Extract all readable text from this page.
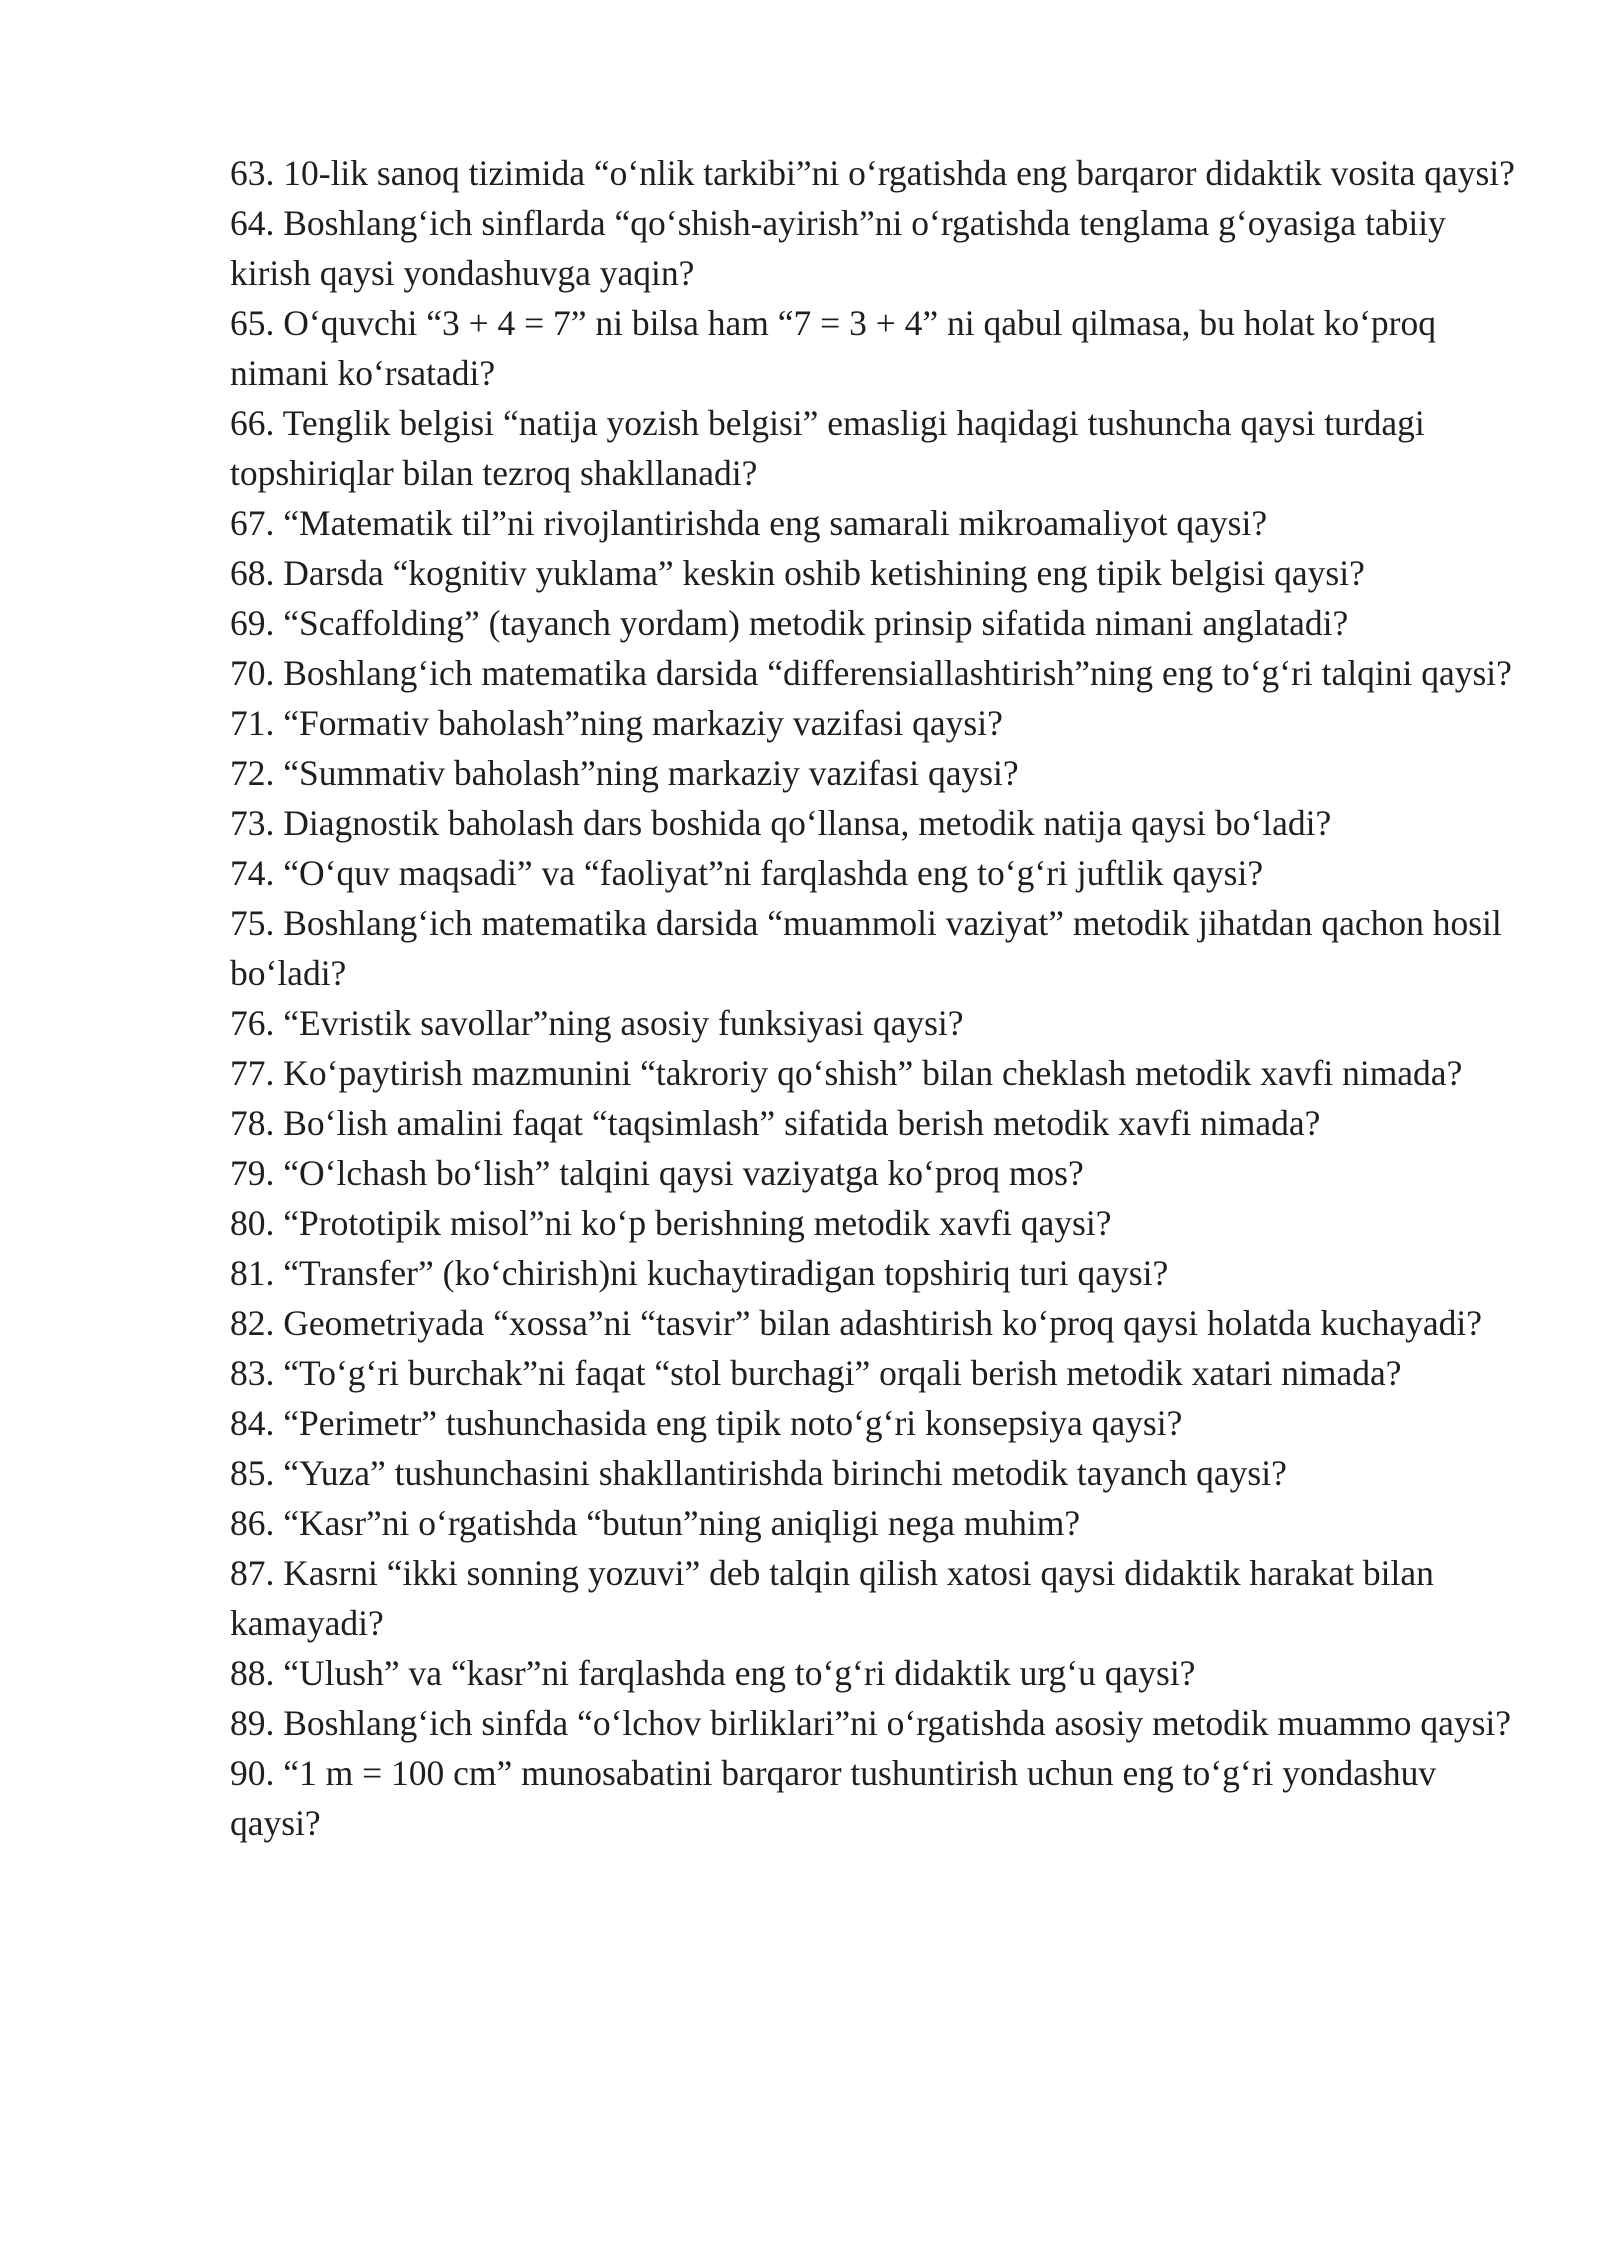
63. 10-lik sanoq tizimida “o‘nlik tarkibi”ni o‘rgatishda eng barqaror didaktik vosita qaysi?
64. Boshlang‘ich sinflarda “qo‘shish-ayirish”ni o‘rgatishda tenglama g‘oyasiga tabiiy kirish qaysi yondashuvga yaqin?
65. O‘quvchi “3 + 4 = 7” ni bilsa ham “7 = 3 + 4” ni qabul qilmasa, bu holat ko‘proq nimani ko‘rsatadi?
66. Tenglik belgisi “natija yozish belgisi” emasligi haqidagi tushuncha qaysi turdagi topshiriqlar bilan tezroq shakllanadi?
67. “Matematik til”ni rivojlantirishda eng samarali mikroamaliyot qaysi?
68. Darsda “kognitiv yuklama” keskin oshib ketishining eng tipik belgisi qaysi?
69. “Scaffolding” (tayanch yordam) metodik prinsip sifatida nimani anglatadi?
70. Boshlang‘ich matematika darsida “differensiallashtirish”ning eng to‘g‘ri talqini qaysi?
71. “Formativ baholash”ning markaziy vazifasi qaysi?
72. “Summativ baholash”ning markaziy vazifasi qaysi?
73. Diagnostik baholash dars boshida qo‘llansa, metodik natija qaysi bo‘ladi?
74. “O‘quv maqsadi” va “faoliyat”ni farqlashda eng to‘g‘ri juftlik qaysi?
75. Boshlang‘ich matematika darsida “muammoli vaziyat” metodik jihatdan qachon hosil bo‘ladi?
76. “Evristik savollar”ning asosiy funksiyasi qaysi?
77. Ko‘paytirish mazmunini “takroriy qo‘shish” bilan cheklash metodik xavfi nimada?
78. Bo‘lish amalini faqat “taqsimlash” sifatida berish metodik xavfi nimada?
79. “O‘lchash bo‘lish” talqini qaysi vaziyatga ko‘proq mos?
80. “Prototipik misol”ni ko‘p berishning metodik xavfi qaysi?
81. “Transfer” (ko‘chirish)ni kuchaytiradigan topshiriq turi qaysi?
82. Geometriyada “xossa”ni “tasvir” bilan adashtirish ko‘proq qaysi holatda kuchayadi?
83. “To‘g‘ri burchak”ni faqat “stol burchagi” orqali berish metodik xatari nimada?
84. “Perimetr” tushunchasida eng tipik noto‘g‘ri konsepsiya qaysi?
85. “Yuza” tushunchasini shakllantirishda birinchi metodik tayanch qaysi?
86. “Kasr”ni o‘rgatishda “butun”ning aniqligi nega muhim?
87. Kasrni “ikki sonning yozuvi” deb talqin qilish xatosi qaysi didaktik harakat bilan kamayadi?
88. “Ulush” va “kasr”ni farqlashda eng to‘g‘ri didaktik urg‘u qaysi?
89. Boshlang‘ich sinfda “o‘lchov birliklari”ni o‘rgatishda asosiy metodik muammo qaysi?
90. “1 m = 100 cm” munosabatini barqaror tushuntirish uchun eng to‘g‘ri yondashuv qaysi?
